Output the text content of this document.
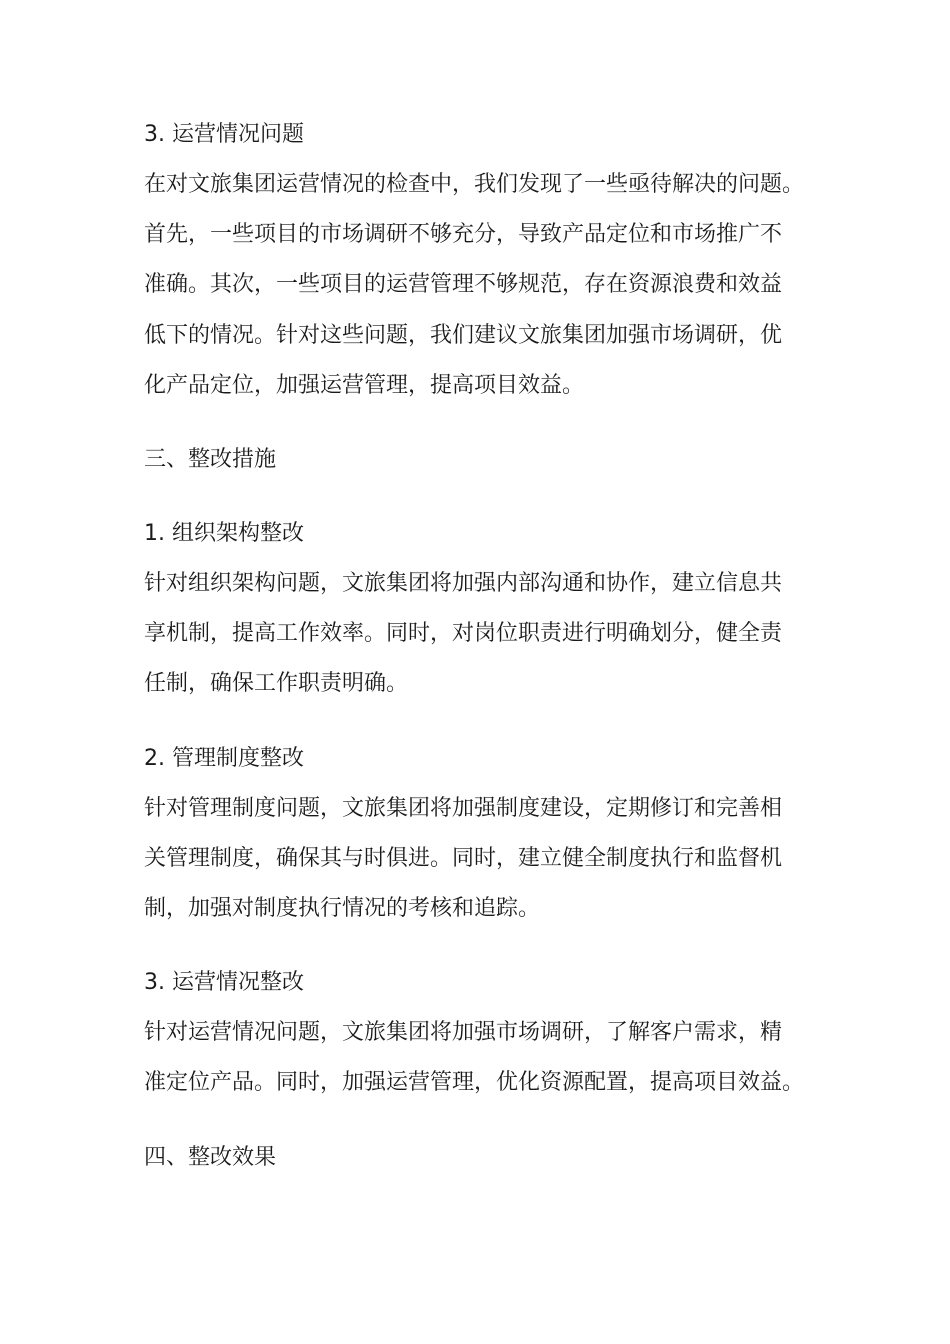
3. 运营情况问题

在对文旅集团运营情况的检查中，我们发现了一些亟待解决的问题。
首先，一些项目的市场调研不够充分，导致产品定位和市场推广不
准确。其次，一些项目的运营管理不够规范，存在资源浪费和效益
低下的情况。针对这些问题，我们建议文旅集团加强市场调研，优
化产品定位，加强运营管理，提高项目效益。

三、整改措施
1. 组织架构整改

针对组织架构问题，文旅集团将加强内部沟通和协作，建立信息共
享机制，提高工作效率。同时，对岗位职责进行明确划分，健全责
任制，确保工作职责明确。

2. 管理制度整改

针对管理制度问题，文旅集团将加强制度建设，定期修订和完善相
关管理制度，确保其与时俱进。同时，建立健全制度执行和监督机
制，加强对制度执行情况的考核和追踪。

3. 运营情况整改

针对运营情况问题，文旅集团将加强市场调研，了解客户需求，精
准定位产品。同时，加强运营管理，优化资源配置，提高项目效益。

四、整改效果
